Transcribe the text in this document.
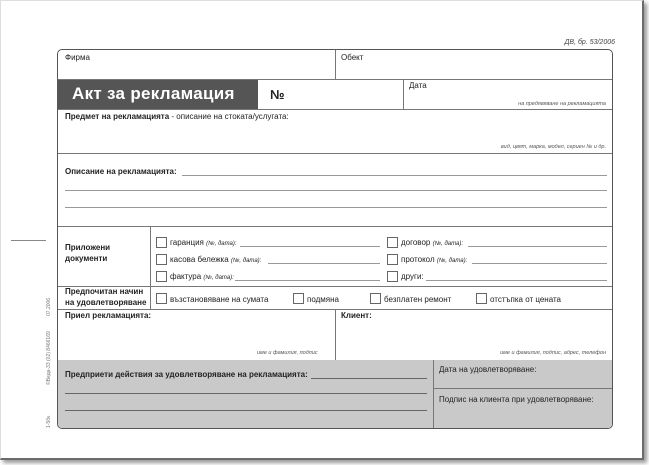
ДВ, бр. 53/2006
1-5бк
©Веда-33 (02) 8466169
07.2006
Фирма	Обект
Акт за рекламация	№
Дата
на предявяване на рекламацията
Предмет на рекламацията - описание на стоката/услугата:
вид, цвят, марка, модел, сериен № и др.
Описание на рекламацията:
Приложени
документи
гаранция (№, дата):
касова бележка (№, дата):
фактура (№, дата):
договор (№, дата):
протокол (№, дата):
други:
Предпочитан начин
на удовлетворяване	възстановяване на сумата	подмяна	безплатен ремонт	отстъпка от цената
Приел рекламацията:
име и фамилия, подпис
Клиент:
име и фамилия, подпис, адрес, телефон
Предприети действия за удовлетворяване на рекламацията:
Дата на удовлетворяване:
Подпис на клиента при удовлетворяване:
